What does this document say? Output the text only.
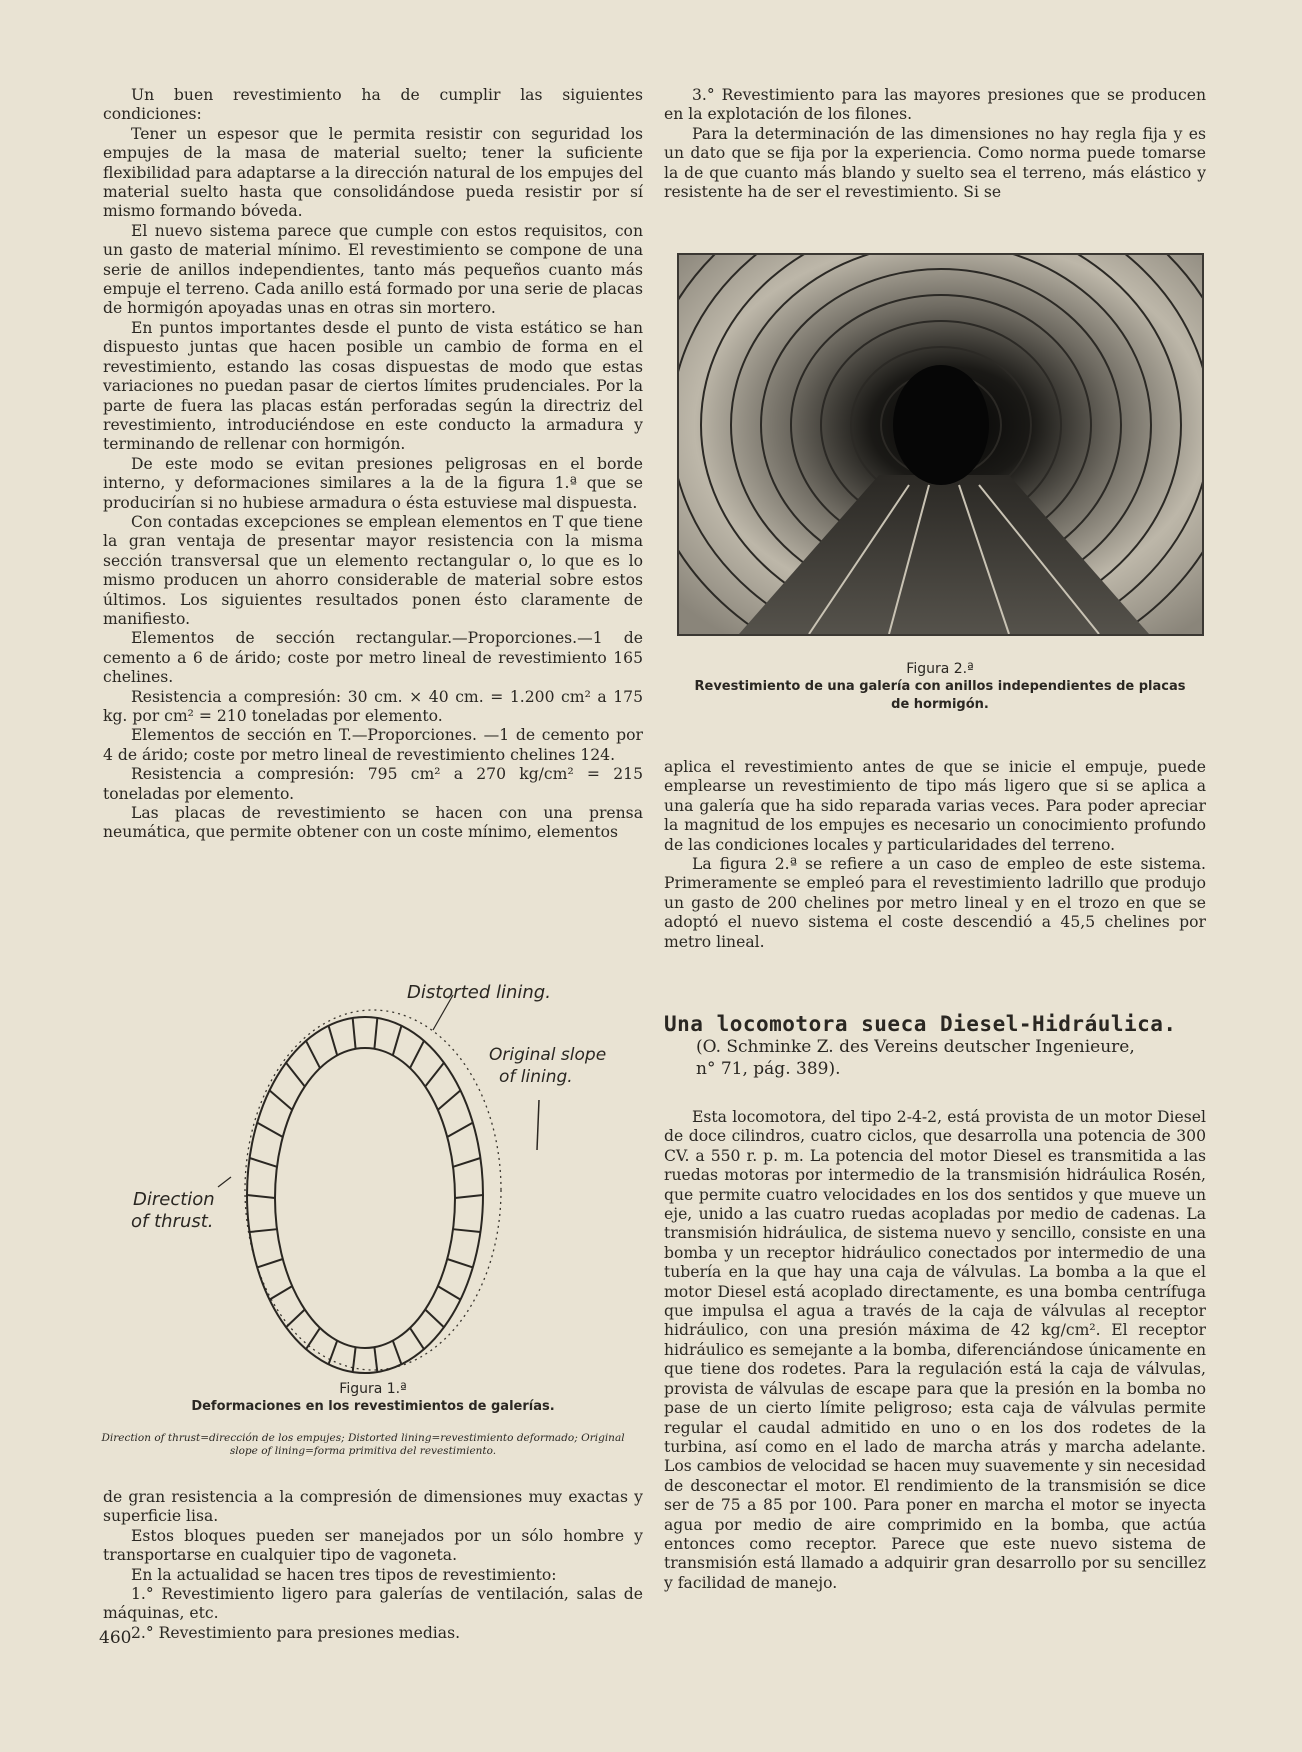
Un buen revestimiento ha de cumplir las siguientes condiciones:

Tener un espesor que le permita resistir con seguridad los empujes de la masa de material suelto; tener la suficiente flexibilidad para adaptarse a la dirección natural de los empujes del material suelto hasta que consolidándose pueda resistir por sí mismo formando bóveda.

El nuevo sistema parece que cumple con estos requisitos, con un gasto de material mínimo. El revestimiento se compone de una serie de anillos independientes, tanto más pequeños cuanto más empuje el terreno. Cada anillo está formado por una serie de placas de hormigón apoyadas unas en otras sin mortero.

En puntos importantes desde el punto de vista estático se han dispuesto juntas que hacen posible un cambio de forma en el revestimiento, estando las cosas dispuestas de modo que estas variaciones no puedan pasar de ciertos límites prudenciales. Por la parte de fuera las placas están perforadas según la directriz del revestimiento, introduciéndose en este conducto la armadura y terminando de rellenar con hormigón.

De este modo se evitan presiones peligrosas en el borde interno, y deformaciones similares a la de la figura 1.ª que se producirían si no hubiese armadura o ésta estuviese mal dispuesta.

Con contadas excepciones se emplean elementos en T que tiene la gran ventaja de presentar mayor resistencia con la misma sección transversal que un elemento rectangular o, lo que es lo mismo producen un ahorro considerable de material sobre estos últimos. Los siguientes resultados ponen ésto claramente de manifiesto.

Elementos de sección rectangular.—Proporciones.—1 de cemento a 6 de árido; coste por metro lineal de revestimiento 165 chelines.

Resistencia a compresión: 30 cm. × 40 cm. = 1.200 cm² a 175 kg. por cm² = 210 toneladas por elemento.

Elementos de sección en T.—Proporciones. —1 de cemento por 4 de árido; coste por metro lineal de revestimiento chelines 124.

Resistencia a compresión: 795 cm² a 270 kg/cm² = 215 toneladas por elemento.

Las placas de revestimiento se hacen con una prensa neumática, que permite obtener con un coste mínimo, elementos

Distorted lining.
Original slope
of lining.
Direction
of thrust.
Figura 1.ª
Deformaciones en los revestimientos de galerías.
Direction of thrust=dirección de los empujes; Distorted lining=revestimiento deformado; Original slope of lining=forma primitiva del revestimiento.

de gran resistencia a la compresión de dimensiones muy exactas y superficie lisa.

Estos bloques pueden ser manejados por un sólo hombre y transportarse en cualquier tipo de vagoneta.

En la actualidad se hacen tres tipos de revestimiento:

1.° Revestimiento ligero para galerías de ventilación, salas de máquinas, etc.

2.° Revestimiento para presiones medias.

460

3.° Revestimiento para las mayores presiones que se producen en la explotación de los filones.

Para la determinación de las dimensiones no hay regla fija y es un dato que se fija por la experiencia. Como norma puede tomarse la de que cuanto más blando y suelto sea el terreno, más elástico y resistente ha de ser el revestimiento. Si se

Figura 2.ª
Revestimiento de una galería con anillos independientes de placas de hormigón.

aplica el revestimiento antes de que se inicie el empuje, puede emplearse un revestimiento de tipo más ligero que si se aplica a una galería que ha sido reparada varias veces. Para poder apreciar la magnitud de los empujes es necesario un conocimiento profundo de las condiciones locales y particularidades del terreno.

La figura 2.ª se refiere a un caso de empleo de este sistema. Primeramente se empleó para el revestimiento ladrillo que produjo un gasto de 200 chelines por metro lineal y en el trozo en que se adoptó el nuevo sistema el coste descendió a 45,5 chelines por metro lineal.

Una locomotora sueca Diesel-Hidráulica.

(O. Schminke Z. des Vereins deutscher Ingenieure,

n° 71, pág. 389).

Esta locomotora, del tipo 2-4-2, está provista de un motor Diesel de doce cilindros, cuatro ciclos, que desarrolla una potencia de 300 CV. a 550 r. p. m. La potencia del motor Diesel es transmitida a las ruedas motoras por intermedio de la transmisión hidráulica Rosén, que permite cuatro velocidades en los dos sentidos y que mueve un eje, unido a las cuatro ruedas acopladas por medio de cadenas. La transmisión hidráulica, de sistema nuevo y sencillo, consiste en una bomba y un receptor hidráulico conectados por intermedio de una tubería en la que hay una caja de válvulas. La bomba a la que el motor Diesel está acoplado directamente, es una bomba centrífuga que impulsa el agua a través de la caja de válvulas al receptor hidráulico, con una presión máxima de 42 kg/cm². El receptor hidráulico es semejante a la bomba, diferenciándose únicamente en que tiene dos rodetes. Para la regulación está la caja de válvulas, provista de válvulas de escape para que la presión en la bomba no pase de un cierto límite peligroso; esta caja de válvulas permite regular el caudal admitido en uno o en los dos rodetes de la turbina, así como en el lado de marcha atrás y marcha adelante. Los cambios de velocidad se hacen muy suavemente y sin necesidad de desconectar el motor. El rendimiento de la transmisión se dice ser de 75 a 85 por 100. Para poner en marcha el motor se inyecta agua por medio de aire comprimido en la bomba, que actúa entonces como receptor. Parece que este nuevo sistema de transmisión está llamado a adquirir gran desarrollo por su sencillez y facilidad de manejo.
